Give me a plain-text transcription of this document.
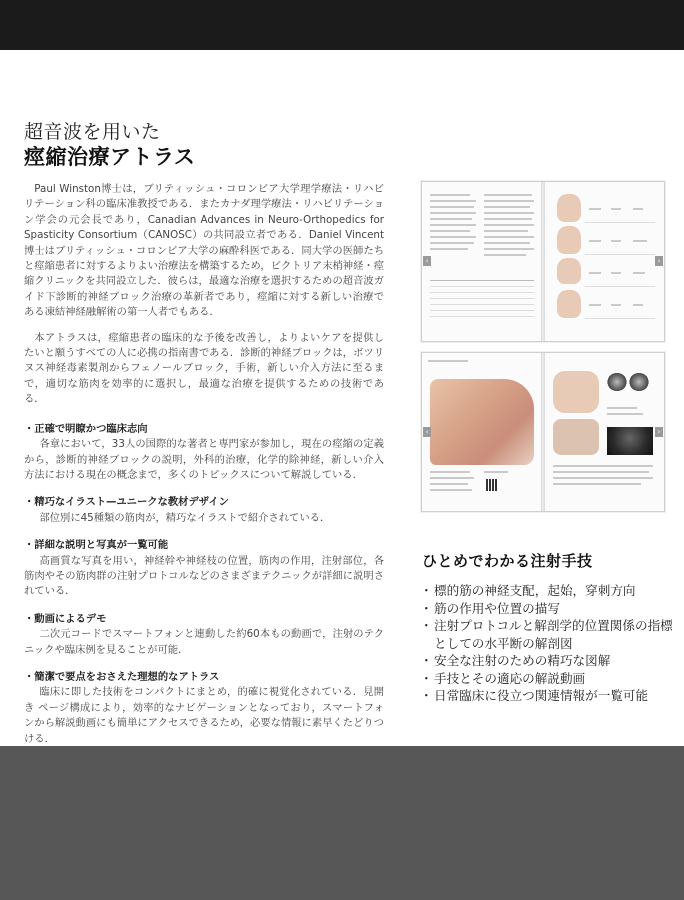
超音波を用いた
痙縮治療アトラス

Paul Winston博士は，ブリティッシュ・コロンビア大学理学療法・リハビリテーション科の臨床准教授である．またカナダ理学療法・リハビリテーション学会の元会長であり，Canadian Advances in Neuro-Orthopedics for Spasticity Consortium（CANOSC）の共同設立者である．Daniel Vincent博士はブリティッシュ・コロンビア大学の麻酔科医である．同大学の医師たちと痙縮患者に対するよりよい治療法を構築するため，ビクトリア末梢神経・痙縮クリニックを共同設立した．彼らは，最適な治療を選択するための超音波ガイド下診断的神経ブロック治療の革新者であり，痙縮に対する新しい治療である凍結神経融解術の第一人者でもある．

本アトラスは，痙縮患者の臨床的な予後を改善し，よりよいケアを提供したいと願うすべての人に必携の指南書である．診断的神経ブロックは，ボツリヌス神経毒素製剤からフェノールブロック，手術，新しい介入方法に至るまで，適切な筋肉を効率的に選択し，最適な治療を提供するための技術である．

・正確で明瞭かつ臨床志向

各章において，33人の国際的な著者と専門家が参加し，現在の痙縮の定義から，診断的神経ブロックの説明，外科的治療，化学的除神経，新しい介入方法における現在の概念まで，多くのトピックスについて解説している．

・精巧なイラスト—ユニークな教材デザイン

部位別に45種類の筋肉が，精巧なイラストで紹介されている．

・詳細な説明と写真が一覧可能

高画質な写真を用い，神経幹や神経枝の位置，筋肉の作用，注射部位，各筋肉やその筋肉群の注射プロトコルなどのさまざまテクニックが詳細に説明されている．

・動画によるデモ

二次元コードでスマートフォンと連動した約60本もの動画で，注射のテクニックや臨床例を見ることが可能．

・簡潔で要点をおさえた理想的なアトラス

臨床に即した技術をコンパクトにまとめ，的確に視覚化されている．見開き ページ構成により，効率的なナビゲーションとなっており，スマートフォンから解説動画にも簡単にアクセスできるため，必要な情報に素早くたどりつける．

‹	›
‹	›
ひとめでわかる注射手技
・ 標的筋の神経支配，起始，穿刺方向
・ 筋の作用や位置の描写
・ 注射プロトコルと解剖学的位置関係の指標としての水平断の解剖図
・ 安全な注射のための精巧な図解
・ 手技とその適応の解説動画
・ 日常臨床に役立つ関連情報が一覧可能
